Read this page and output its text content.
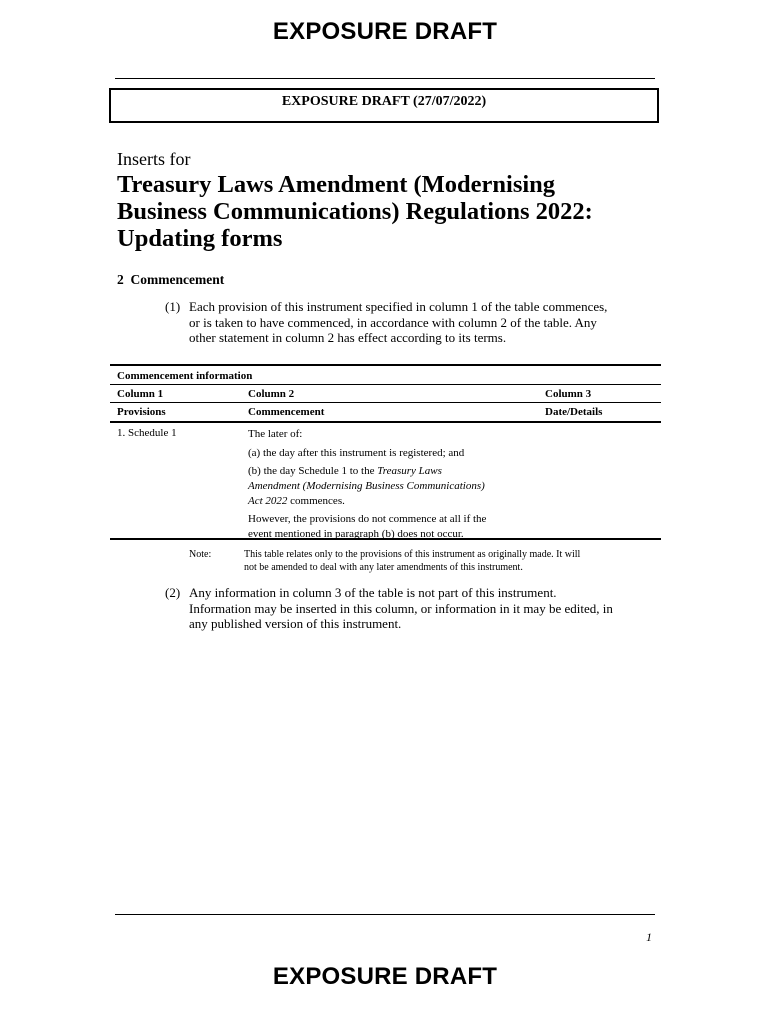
EXPOSURE DRAFT
EXPOSURE DRAFT (27/07/2022)
Inserts for
Treasury Laws Amendment (Modernising
Business Communications) Regulations 2022:
Updating forms
2 Commencement
(1) Each provision of this instrument specified in column 1 of the table commences,
or is taken to have commenced, in accordance with column 2 of the table. Any
other statement in column 2 has effect according to its terms.
Commencement information
Column 1	Column 2	Column 3
Provisions	Commencement	Date/Details
1. Schedule 1	The later of:
(a) the day after this instrument is registered; and
(b) the day Schedule 1 to the Treasury Laws
Amendment (Modernising Business Communications)
Act 2022 commences.
However, the provisions do not commence at all if the
event mentioned in paragraph (b) does not occur.
Note:	This table relates only to the provisions of this instrument as originally made. It will
not be amended to deal with any later amendments of this instrument.
(2) Any information in column 3 of the table is not part of this instrument.
Information may be inserted in this column, or information in it may be edited, in
any published version of this instrument.
1
EXPOSURE DRAFT
